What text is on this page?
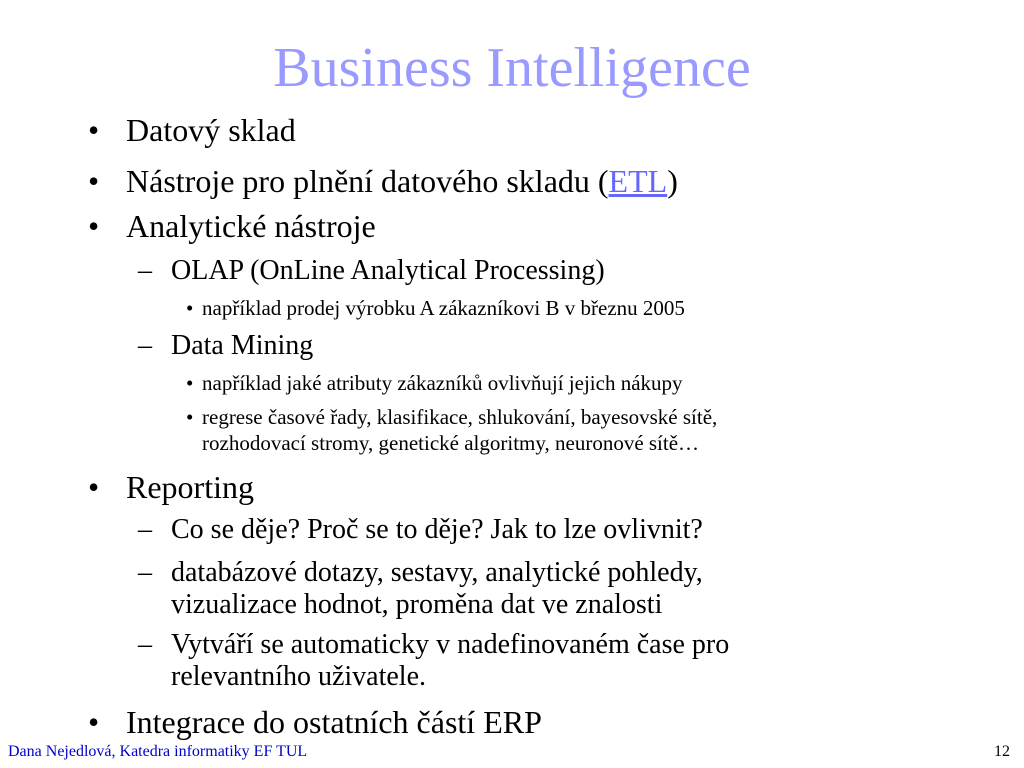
Business Intelligence
• Datový sklad
• Nástroje pro plnění datového skladu (ETL)
• Analytické nástroje
– OLAP (OnLine Analytical Processing)
• například prodej výrobku A zákazníkovi B v březnu 2005
– Data Mining
• například jaké atributy zákazníků ovlivňují jejich nákupy
• regrese časové řady, klasifikace, shlukování, bayesovské sítě,
rozhodovací stromy, genetické algoritmy, neuronové sítě…
• Reporting
– Co se děje? Proč se to děje? Jak to lze ovlivnit?
– databázové dotazy, sestavy, analytické pohledy,
vizualizace hodnot, proměna dat ve znalosti
– Vytváří se automaticky v nadefinovaném čase pro
relevantního uživatele.
• Integrace do ostatních částí ERP
Dana Nejedlová, Katedra informatiky EF TUL	12
